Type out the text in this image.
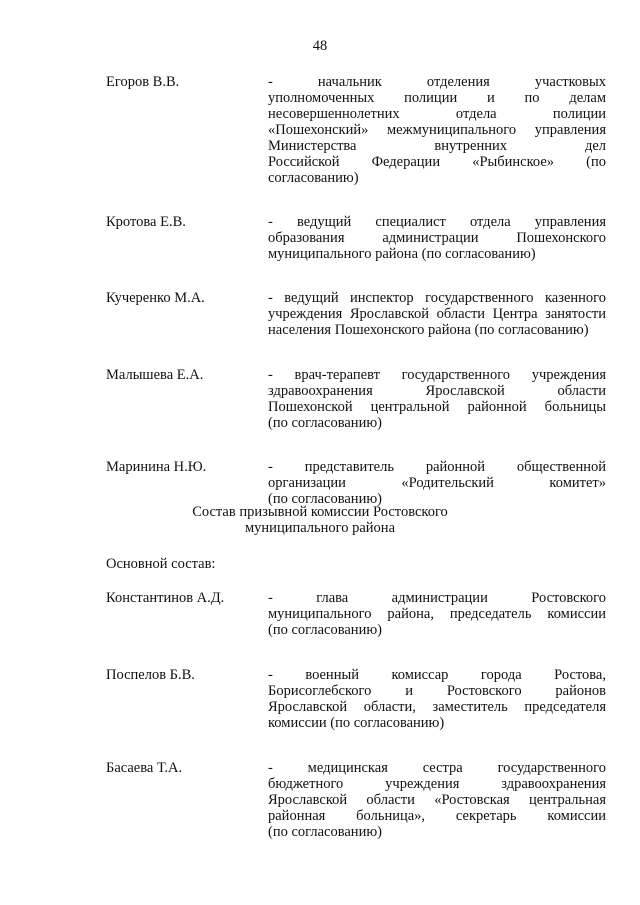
48
Егоров В.В.	- начальник отделения участковых
уполномоченных полиции и по делам
несовершеннолетних отдела полиции
«Пошехонский» межмуниципального управления
Министерства внутренних дел
Российской Федерации «Рыбинское» (по
согласованию)
Кротова Е.В.	- ведущий специалист отдела управления
образования администрации Пошехонского
муниципального района (по согласованию)
Кучеренко М.А.	- ведущий инспектор государственного казенного
учреждения Ярославской области Центра занятости
населения Пошехонского района (по согласованию)
Малышева Е.А.	- врач-терапевт государственного учреждения
здравоохранения Ярославской области
Пошехонской центральной районной больницы
(по согласованию)
Маринина Н.Ю.	- представитель районной общественной
организации «Родительский комитет»
(по согласованию)
Состав призывной комиссии Ростовского
муниципального района
Основной состав:
Константинов А.Д.	- глава администрации Ростовского
муниципального района, председатель комиссии
(по согласованию)
Поспелов Б.В.	- военный комиссар города Ростова,
Борисоглебского и Ростовского районов
Ярославской области, заместитель председателя
комиссии (по согласованию)
Басаева Т.А.	- медицинская сестра государственного
бюджетного учреждения здравоохранения
Ярославской области «Ростовская центральная
районная больница», секретарь комиссии
(по согласованию)
